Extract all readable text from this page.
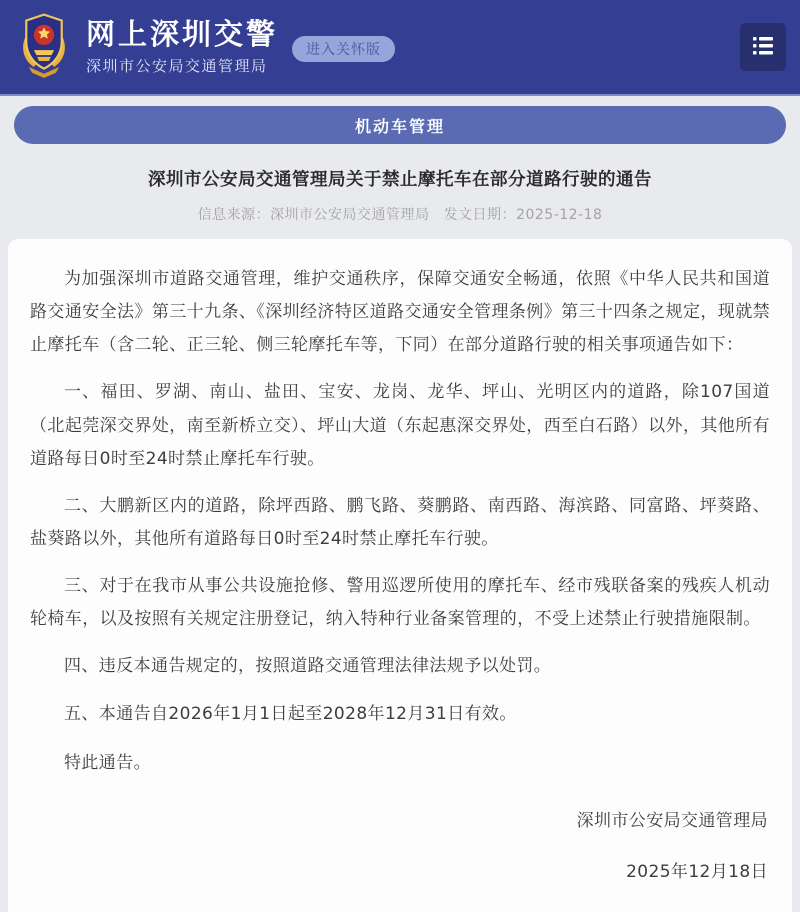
网上深圳交警
深圳市公安局交通管理局
进入关怀版
机动车管理
深圳市公安局交通管理局关于禁止摩托车在部分道路行驶的通告
信息来源：深圳市公安局交通管理局 发文日期：2025-12-18

为加强深圳市道路交通管理，维护交通秩序，保障交通安全畅通，依照《中华人民共和国道路交通安全法》第三十九条、《深圳经济特区道路交通安全管理条例》第三十四条之规定，现就禁止摩托车（含二轮、正三轮、侧三轮摩托车等，下同）在部分道路行驶的相关事项通告如下：

一、福田、罗湖、南山、盐田、宝安、龙岗、龙华、坪山、光明区内的道路，除107国道（北起莞深交界处，南至新桥立交）、坪山大道（东起惠深交界处，西至白石路）以外，其他所有道路每日0时至24时禁止摩托车行驶。

二、大鹏新区内的道路，除坪西路、鹏飞路、葵鹏路、南西路、海滨路、同富路、坪葵路、盐葵路以外，其他所有道路每日0时至24时禁止摩托车行驶。

三、对于在我市从事公共设施抢修、警用巡逻所使用的摩托车、经市残联备案的残疾人机动轮椅车，以及按照有关规定注册登记，纳入特种行业备案管理的，不受上述禁止行驶措施限制。

四、违反本通告规定的，按照道路交通管理法律法规予以处罚。

五、本通告自2026年1月1日起至2028年12月31日有效。

特此通告。

深圳市公安局交通管理局
2025年12月18日
